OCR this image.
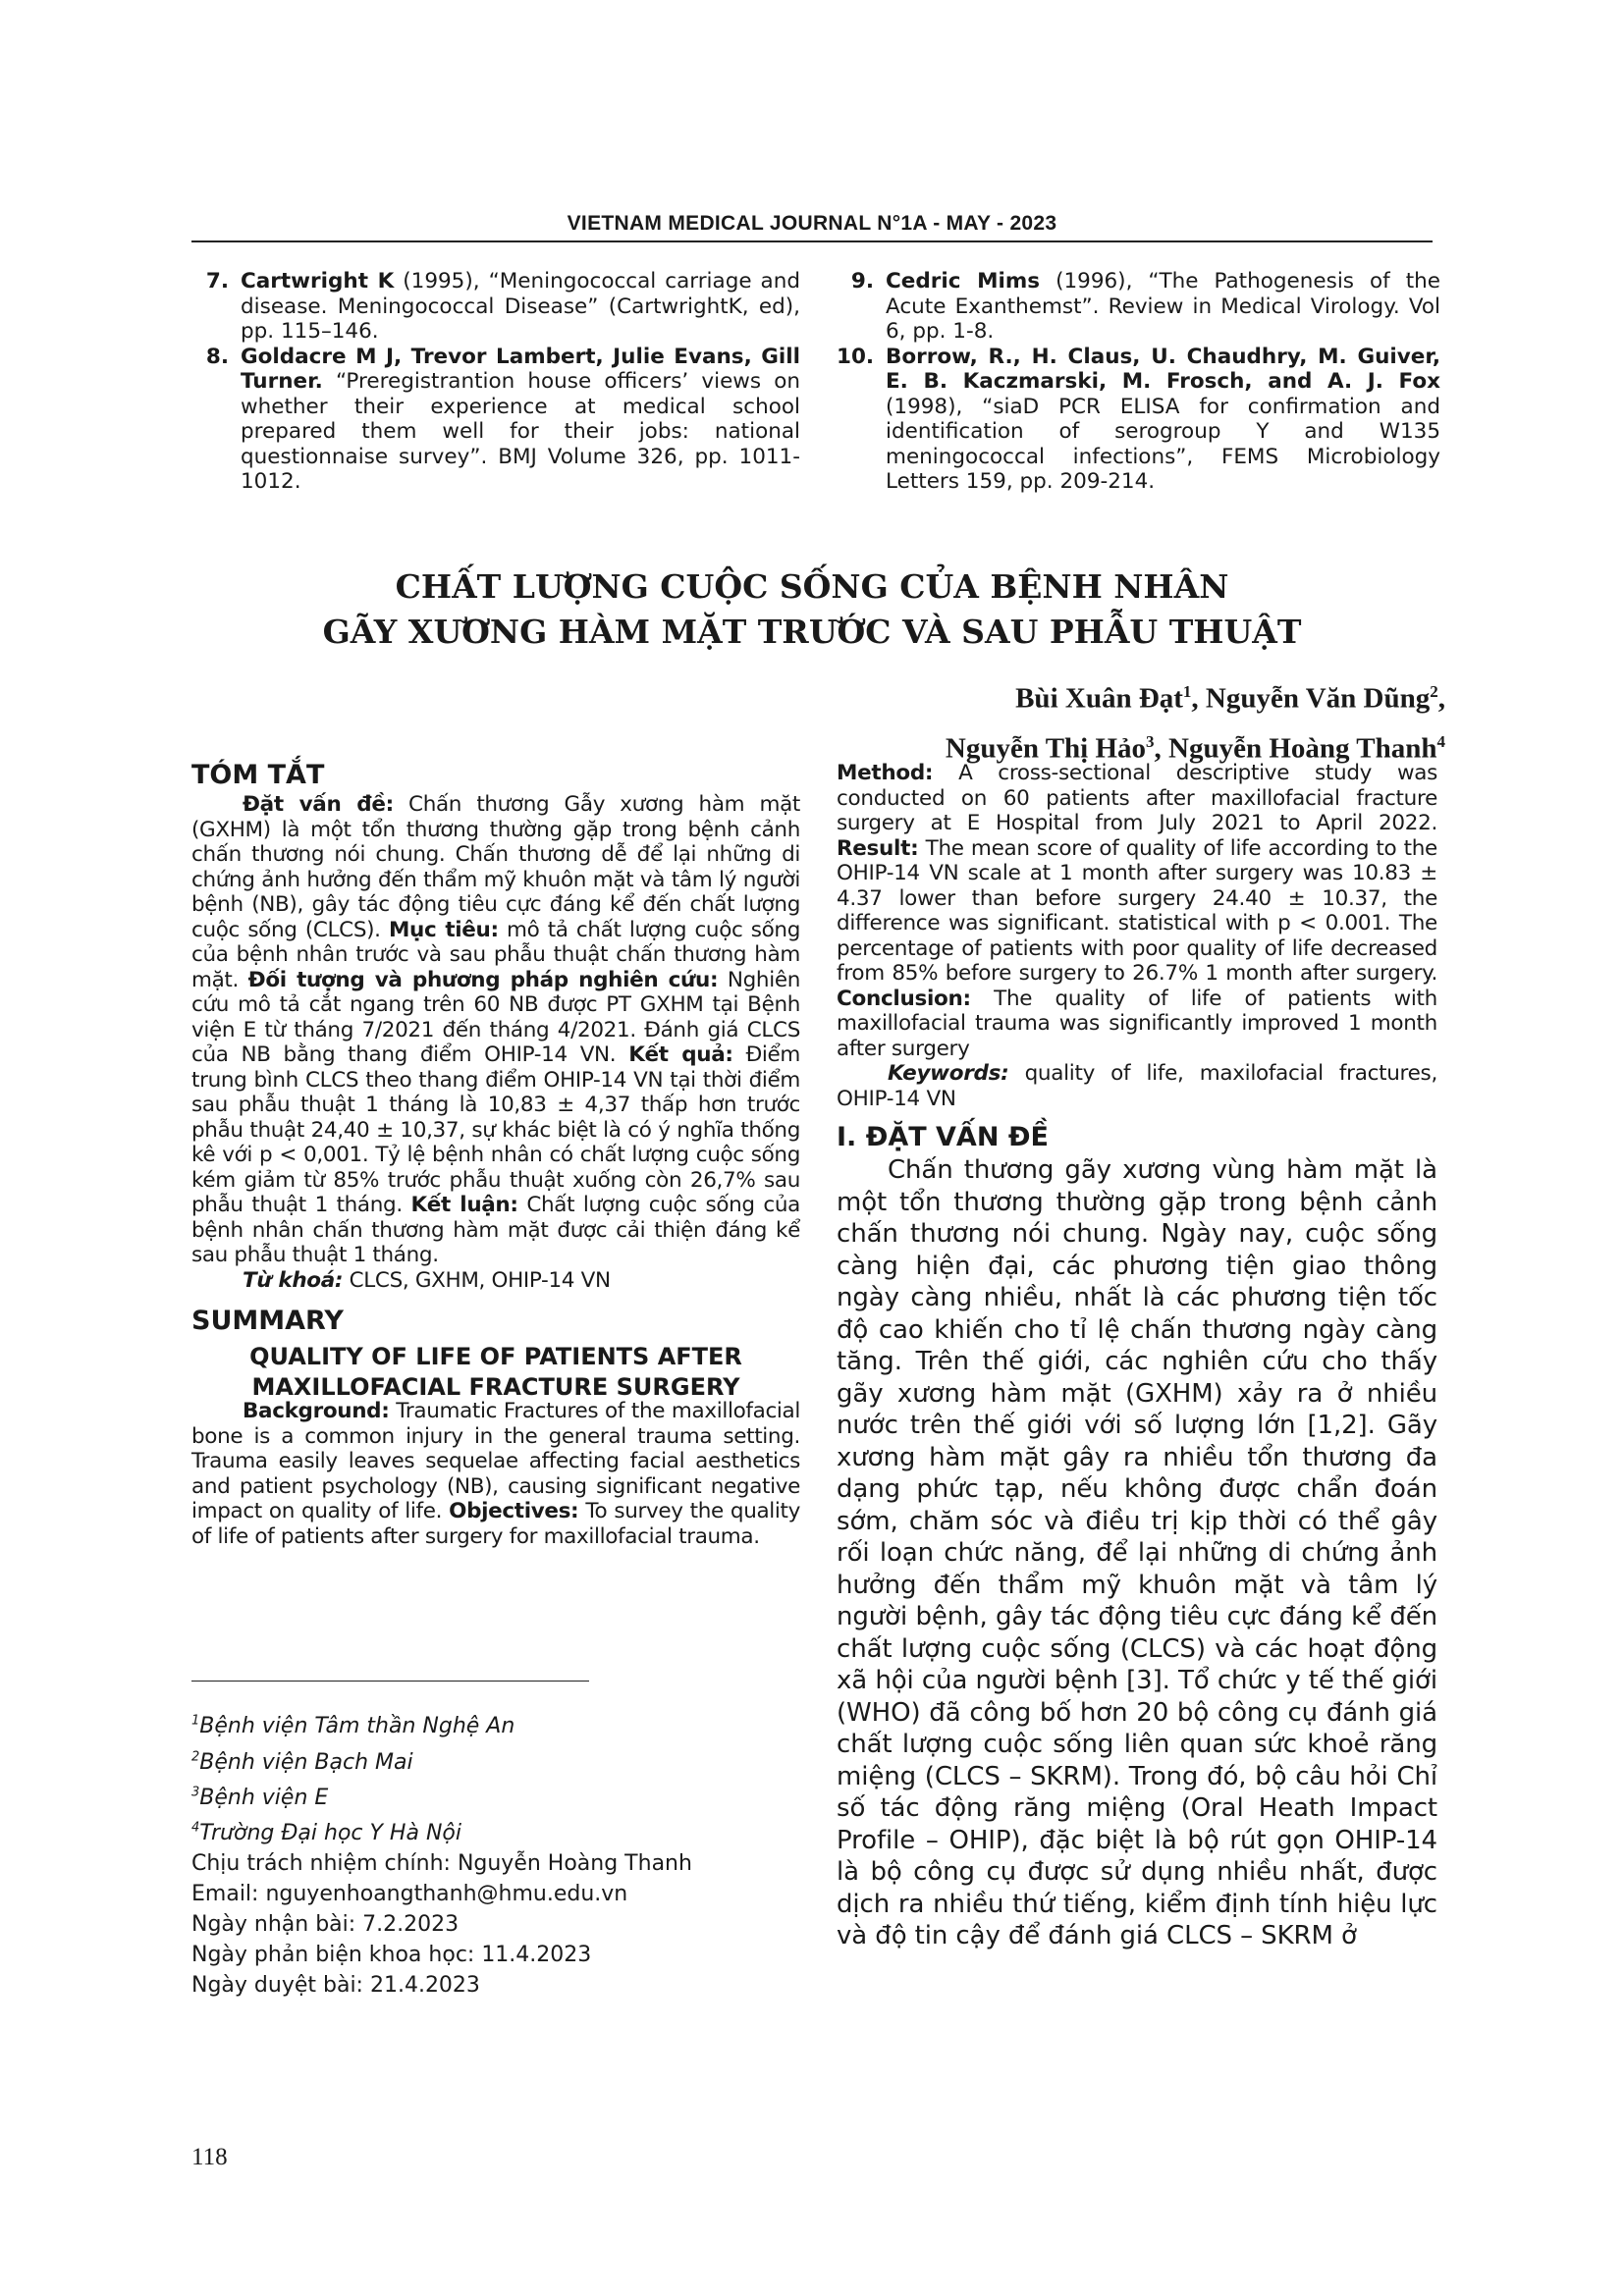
VIETNAM MEDICAL JOURNAL N°1A - MAY - 2023
7. Cartwright K (1995), “Meningococcal carriage and disease. Meningococcal Disease” (CartwrightK, ed), pp. 115–146.
8. Goldacre M J, Trevor Lambert, Julie Evans, Gill Turner. “Preregistrantion house officers’ views on whether their experience at medical school prepared them well for their jobs: national questionnaise survey”. BMJ Volume 326, pp. 1011-1012.
9. Cedric Mims (1996), “The Pathogenesis of the Acute Exanthemst”. Review in Medical Virology. Vol 6, pp. 1-8.
10. Borrow, R., H. Claus, U. Chaudhry, M. Guiver, E. B. Kaczmarski, M. Frosch, and A. J. Fox (1998), “siaD PCR ELISA for confirmation and identification of serogroup Y and W135 meningococcal infections”, FEMS Microbiology Letters 159, pp. 209-214.
CHẤT LƯỢNG CUỘC SỐNG CỦA BỆNH NHÂN
GÃY XƯƠNG HÀM MẶT TRƯỚC VÀ SAU PHẪU THUẬT
Bùi Xuân Đạt$^1$, Nguyễn Văn Dũng$^2$,
Nguyễn Thị Hảo$^3$, Nguyễn Hoàng Thanh$^4$
TÓM TẮT

Đặt vấn đề: Chấn thương Gẫy xương hàm mặt (GXHM) là một tổn thương thường gặp trong bệnh cảnh chấn thương nói chung. Chấn thương dễ để lại những di chứng ảnh hưởng đến thẩm mỹ khuôn mặt và tâm lý người bệnh (NB), gây tác động tiêu cực đáng kể đến chất lượng cuộc sống (CLCS). Mục tiêu: mô tả chất lượng cuộc sống của bệnh nhân trước và sau phẫu thuật chấn thương hàm mặt. Đối tượng và phương pháp nghiên cứu: Nghiên cứu mô tả cắt ngang trên 60 NB được PT GXHM tại Bệnh viện E từ tháng 7/2021 đến tháng 4/2021. Đánh giá CLCS của NB bằng thang điểm OHIP-14 VN. Kết quả: Điểm trung bình CLCS theo thang điểm OHIP-14 VN tại thời điểm sau phẫu thuật 1 tháng là 10,83 ± 4,37 thấp hơn trước phẫu thuật 24,40 ± 10,37, sự khác biệt là có ý nghĩa thống kê với p < 0,001. Tỷ lệ bệnh nhân có chất lượng cuộc sống kém giảm từ 85% trước phẫu thuật xuống còn 26,7% sau phẫu thuật 1 tháng. Kết luận: Chất lượng cuộc sống của bệnh nhân chấn thương hàm mặt được cải thiện đáng kể sau phẫu thuật 1 tháng.

Từ khoá: CLCS, GXHM, OHIP-14 VN

SUMMARY
QUALITY OF LIFE OF PATIENTS AFTER
MAXILLOFACIAL FRACTURE SURGERY

Background: Traumatic Fractures of the maxillofacial bone is a common injury in the general trauma setting. Trauma easily leaves sequelae affecting facial aesthetics and patient psychology (NB), causing significant negative impact on quality of life. Objectives: To survey the quality of life of patients after surgery for maxillofacial trauma.

Method: A cross-sectional descriptive study was conducted on 60 patients after maxillofacial fracture surgery at E Hospital from July 2021 to April 2022. Result: The mean score of quality of life according to the OHIP-14 VN scale at 1 month after surgery was 10.83 ± 4.37 lower than before surgery 24.40 ± 10.37, the difference was significant. statistical with p < 0.001. The percentage of patients with poor quality of life decreased from 85% before surgery to 26.7% 1 month after surgery. Conclusion: The quality of life of patients with maxillofacial trauma was significantly improved 1 month after surgery

Keywords: quality of life, maxilofacial fractures, OHIP-14 VN

I. ĐẶT VẤN ĐỀ

Chấn thương gãy xương vùng hàm mặt là một tổn thương thường gặp trong bệnh cảnh chấn thương nói chung. Ngày nay, cuộc sống càng hiện đại, các phương tiện giao thông ngày càng nhiều, nhất là các phương tiện tốc độ cao khiến cho tỉ lệ chấn thương ngày càng tăng. Trên thế giới, các nghiên cứu cho thấy gãy xương hàm mặt (GXHM) xảy ra ở nhiều nước trên thế giới với số lượng lớn [1,2]. Gãy xương hàm mặt gây ra nhiều tổn thương đa dạng phức tạp, nếu không được chẩn đoán sớm, chăm sóc và điều trị kịp thời có thể gây rối loạn chức năng, để lại những di chứng ảnh hưởng đến thẩm mỹ khuôn mặt và tâm lý người bệnh, gây tác động tiêu cực đáng kể đến chất lượng cuộc sống (CLCS) và các hoạt động xã hội của người bệnh [3]. Tổ chức y tế thế giới (WHO) đã công bố hơn 20 bộ công cụ đánh giá chất lượng cuộc sống liên quan sức khoẻ răng miệng (CLCS – SKRM). Trong đó, bộ câu hỏi Chỉ số tác động răng miệng (Oral Heath Impact Profile – OHIP), đặc biệt là bộ rút gọn OHIP-14 là bộ công cụ được sử dụng nhiều nhất, được dịch ra nhiều thứ tiếng, kiểm định tính hiệu lực và độ tin cậy để đánh giá CLCS – SKRM ở

$^1$Bệnh viện Tâm thần Nghệ An

$^2$Bệnh viện Bạch Mai

$^3$Bệnh viện E

$^4$Trường Đại học Y Hà Nội

Chịu trách nhiệm chính: Nguyễn Hoàng Thanh

Email: nguyenhoangthanh@hmu.edu.vn

Ngày nhận bài: 7.2.2023

Ngày phản biện khoa học: 11.4.2023

Ngày duyệt bài: 21.4.2023

118
